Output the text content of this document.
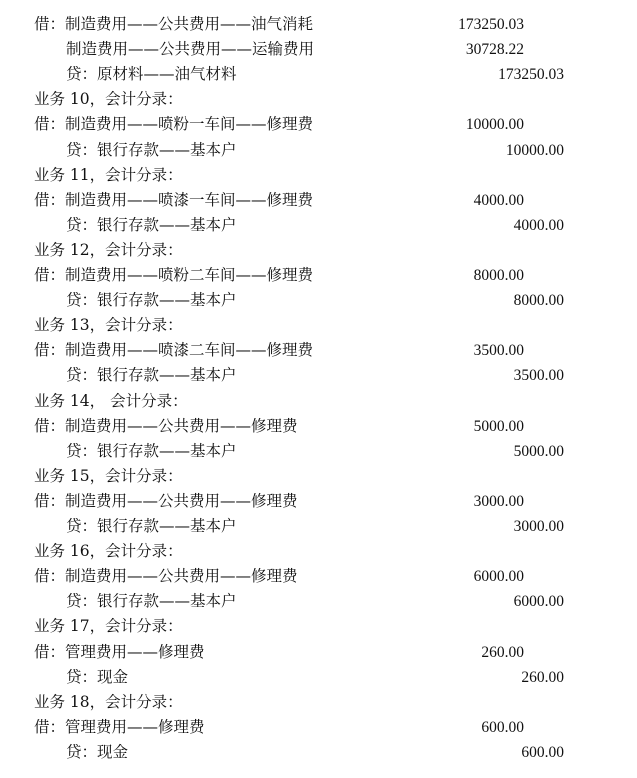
借：制造费用——公共费用——油气消耗	173250.03
制造费用——公共费用——运输费用	30728.22
贷：原材料——油气材料	173250.03
业务 10，会计分录：
借：制造费用——喷粉一车间——修理费	10000.00
贷：银行存款——基本户	10000.00
业务 11，会计分录：
借：制造费用——喷漆一车间——修理费	4000.00
贷：银行存款——基本户	4000.00
业务 12，会计分录：
借：制造费用——喷粉二车间——修理费	8000.00
贷：银行存款——基本户	8000.00
业务 13，会计分录：
借：制造费用——喷漆二车间——修理费	3500.00
贷：银行存款——基本户	3500.00
业务 14， 会计分录：
借：制造费用——公共费用——修理费	5000.00
贷：银行存款——基本户	5000.00
业务 15，会计分录：
借：制造费用——公共费用——修理费	3000.00
贷：银行存款——基本户	3000.00
业务 16，会计分录：
借：制造费用——公共费用——修理费	6000.00
贷：银行存款——基本户	6000.00
业务 17，会计分录：
借：管理费用——修理费	260.00
贷：现金	260.00
业务 18，会计分录：
借：管理费用——修理费	600.00
贷：现金	600.00
